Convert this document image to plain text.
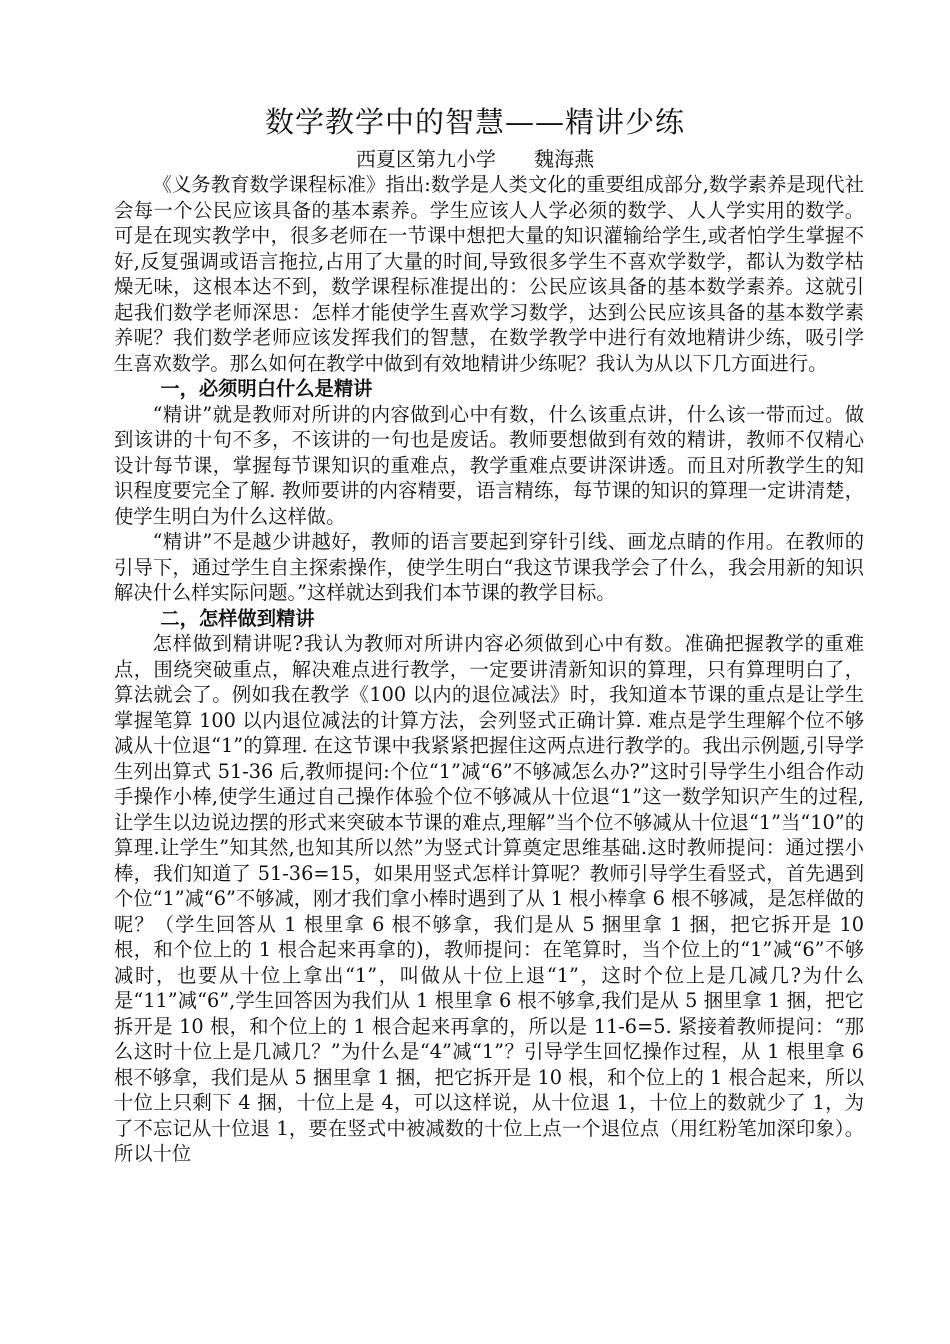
数学教学中的智慧——精讲少练
西夏区第九小学      魏海燕

《义务教育数学课程标准》指出:数学是人类文化的重要组成部分,数学素养是现代社会每一个公民应该具备的基本素养。学生应该人人学必须的数学、人人学实用的数学。可是在现实教学中，很多老师在一节课中想把大量的知识灌输给学生,或者怕学生掌握不好,反复强调或语言拖拉,占用了大量的时间,导致很多学生不喜欢学数学，都认为数学枯燥无味，这根本达不到，数学课程标准提出的：公民应该具备的基本数学素养。这就引起我们数学老师深思：怎样才能使学生喜欢学习数学，达到公民应该具备的基本数学素养呢？我们数学老师应该发挥我们的智慧，在数学教学中进行有效地精讲少练，吸引学生喜欢数学。那么如何在教学中做到有效地精讲少练呢？我认为从以下几方面进行。

一，必须明白什么是精讲

“精讲”就是教师对所讲的内容做到心中有数，什么该重点讲，什么该一带而过。做到该讲的十句不多，不该讲的一句也是废话。教师要想做到有效的精讲，教师不仅精心设计每节课，掌握每节课知识的重难点，教学重难点要讲深讲透。而且对所教学生的知识程度要完全了解. 教师要讲的内容精要，语言精练，每节课的知识的算理一定讲清楚，使学生明白为什么这样做。

“精讲”不是越少讲越好，教师的语言要起到穿针引线、画龙点睛的作用。在教师的引导下，通过学生自主探索操作，使学生明白“我这节课我学会了什么，我会用新的知识解决什么样实际问题。”这样就达到我们本节课的教学目标。

二，怎样做到精讲

怎样做到精讲呢?我认为教师对所讲内容必须做到心中有数。准确把握教学的重难点，围绕突破重点，解决难点进行教学，一定要讲清新知识的算理，只有算理明白了，算法就会了。例如我在教学《100 以内的退位减法》时，我知道本节课的重点是让学生掌握笔算 100 以内退位减法的计算方法，会列竖式正确计算. 难点是学生理解个位不够减从十位退“1”的算理. 在这节课中我紧紧把握住这两点进行教学的。我出示例题,引导学生列出算式 51-36 后,教师提问:个位“1”减“6”不够减怎么办?”这时引导学生小组合作动手操作小棒,使学生通过自己操作体验个位不够减从十位退“1”这一数学知识产生的过程,让学生以边说边摆的形式来突破本节课的难点,理解”当个位不够减从十位退“1”当“10”的算理.让学生”知其然,也知其所以然”为竖式计算奠定思维基础.这时教师提问：通过摆小棒，我们知道了 51-36=15，如果用竖式怎样计算呢？教师引导学生看竖式，首先遇到个位“1”减“6”不够减，刚才我们拿小棒时遇到了从 1 根小棒拿 6 根不够减，是怎样做的呢？（学生回答从 1 根里拿 6 根不够拿，我们是从 5 捆里拿 1 捆，把它拆开是 10 根，和个位上的 1 根合起来再拿的)，教师提问：在笔算时，当个位上的“1”减“6”不够减时，也要从十位上拿出“1”，叫做从十位上退“1”，这时个位上是几减几?为什么是“11”减“6”,学生回答因为我们从 1 根里拿 6 根不够拿,我们是从 5 捆里拿 1 捆，把它拆开是 10 根，和个位上的 1 根合起来再拿的，所以是 11-6=5. 紧接着教师提问：“那么这时十位上是几减几？”为什么是“4”减“1”？引导学生回忆操作过程，从 1 根里拿 6 根不够拿，我们是从 5 捆里拿 1 捆，把它拆开是 10 根，和个位上的 1 根合起来，所以十位上只剩下 4 捆，十位上是 4，可以这样说，从十位退 1，十位上的数就少了 1，为了不忘记从十位退 1，要在竖式中被减数的十位上点一个退位点（用红粉笔加深印象）。所以十位
